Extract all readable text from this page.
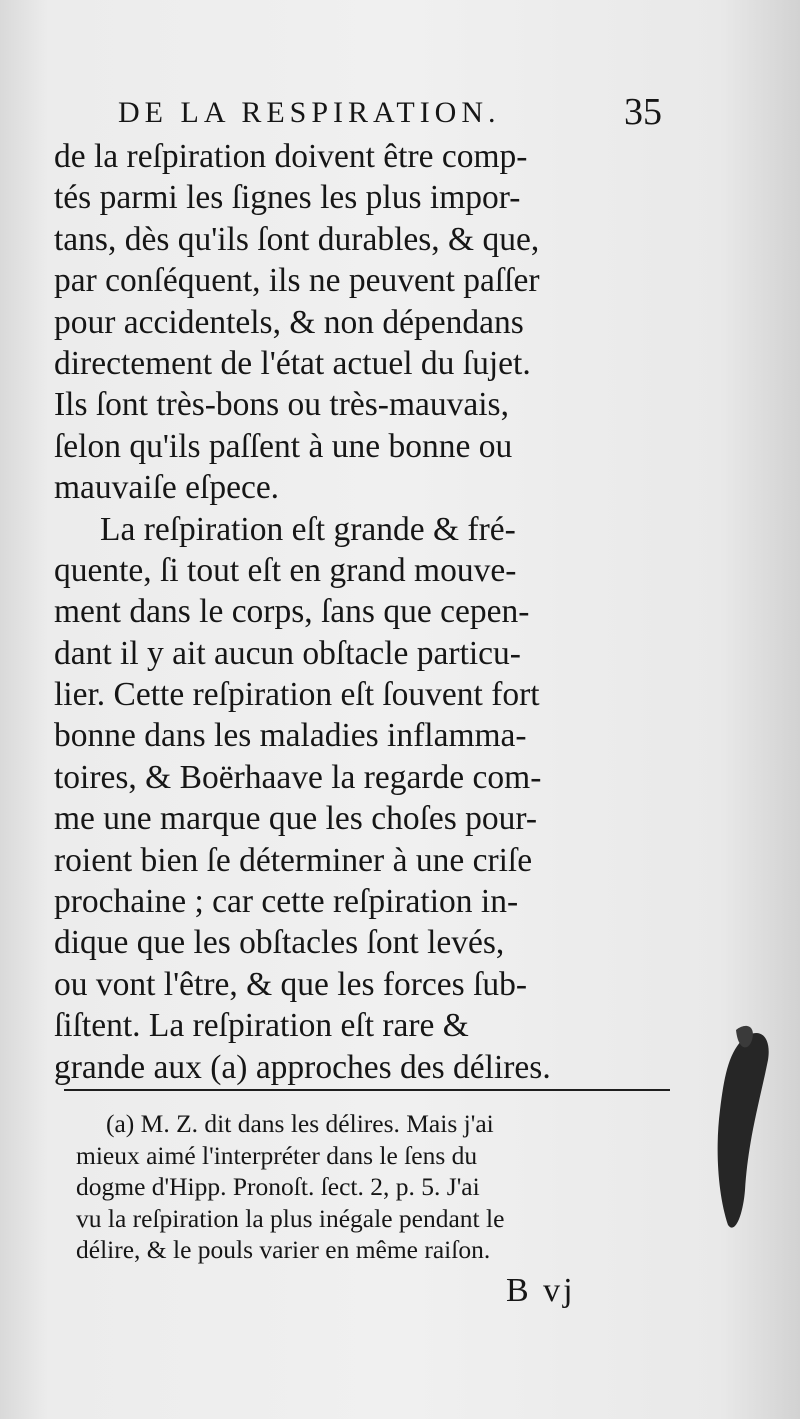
DE LA RESPIRATION.	35
de la reſpiration doivent être comp-
tés parmi les ſignes les plus impor-
tans, dès qu'ils ſont durables, & que,
par conſéquent, ils ne peuvent paſſer
pour accidentels, & non dépendans
directement de l'état actuel du ſujet.
Ils ſont très-bons ou très-mauvais,
ſelon qu'ils paſſent à une bonne ou
mauvaiſe eſpece.
La reſpiration eſt grande & fré-
quente, ſi tout eſt en grand mouve-
ment dans le corps, ſans que cepen-
dant il y ait aucun obſtacle particu-
lier. Cette reſpiration eſt ſouvent fort
bonne dans les maladies inflamma-
toires, & Boërhaave la regarde com-
me une marque que les choſes pour-
roient bien ſe déterminer à une criſe
prochaine ; car cette reſpiration in-
dique que les obſtacles ſont levés,
ou vont l'être, & que les forces ſub-
ſiſtent. La reſpiration eſt rare &
grande aux (a) approches des délires.
(a) M. Z. dit dans les délires. Mais j'ai
mieux aimé l'interpréter dans le ſens du
dogme d'Hipp. Pronoſt. ſect. 2, p. 5. J'ai
vu la reſpiration la plus inégale pendant le
délire, & le pouls varier en même raiſon.
B vj
